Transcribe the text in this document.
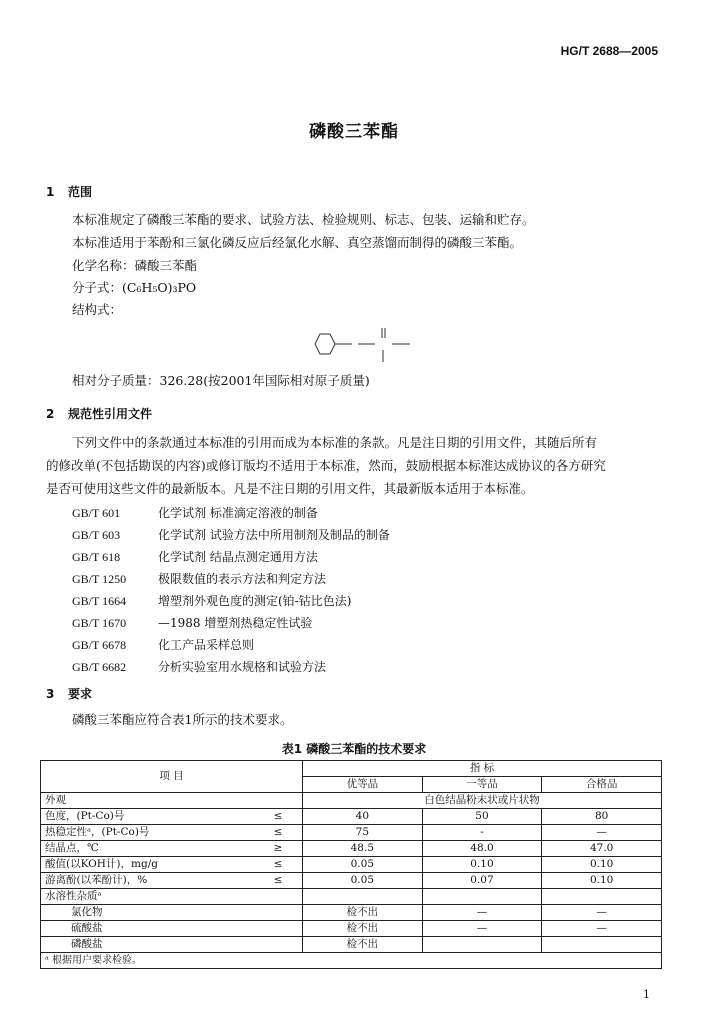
HG/T 2688—2005
磷酸三苯酯
1 范围
本标准规定了磷酸三苯酯的要求、试验方法、检验规则、标志、包装、运输和贮存。
本标准适用于苯酚和三氯化磷反应后经氯化水解、真空蒸馏而制得的磷酸三苯酯。
化学名称：磷酸三苯酯
分子式：(C₆H₅O)₃PO
结构式：
相对分子质量：326.28(按2001年国际相对原子质量)
2 规范性引用文件
下列文件中的条款通过本标准的引用而成为本标准的条款。凡是注日期的引用文件，其随后所有
的修改单(不包括勘误的内容)或修订版均不适用于本标准，然而，鼓励根据本标准达成协议的各方研究
是否可使用这些文件的最新版本。凡是不注日期的引用文件，其最新版本适用于本标准。
GB/T 601	化学试剂 标准滴定溶液的制备
GB/T 603	化学试剂 试验方法中所用制剂及制品的制备
GB/T 618	化学试剂 结晶点测定通用方法
GB/T 1250	极限数值的表示方法和判定方法
GB/T 1664	增塑剂外观色度的测定(铂-钴比色法)
GB/T 1670	—1988 增塑剂热稳定性试验
GB/T 6678	化工产品采样总则
GB/T 6682	分析实验室用水规格和试验方法
3 要求
磷酸三苯酯应符合表1所示的技术要求。
表1 磷酸三苯酯的技术要求
项 目		指 标		
		优等品	一等品	合格品
外观		白色结晶粉末状或片状物		
色度，(Pt-Co)号	≤	40	50	80
热稳定性ᵃ，(Pt-Co)号	≤	75	-	—
结晶点，℃	≥	48.5	48.0	47.0
酸值(以KOH计)，mg/g	≤	0.05	0.10	0.10
游离酚(以苯酚计)，%	≤	0.05	0.07	0.10
水溶性杂质ᵃ				
氯化物		检不出	—	—
硫酸盐		检不出	—	—
磷酸盐		检不出		
ᵃ 根据用户要求检验。				
1
